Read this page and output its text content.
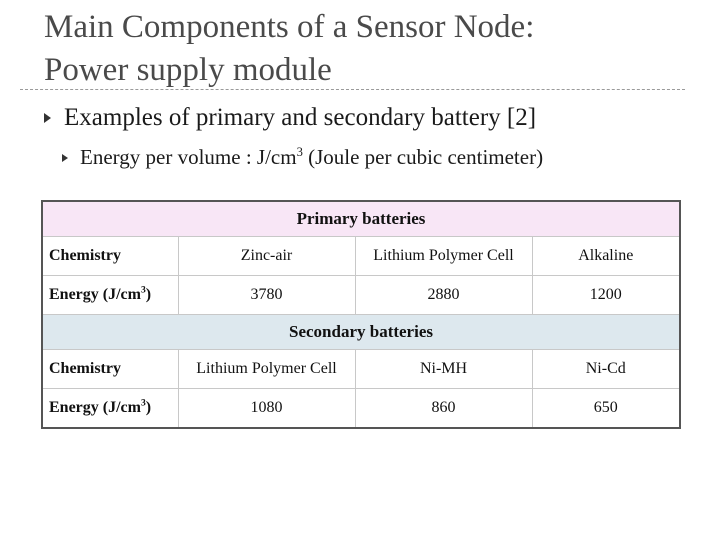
Main Components of a Sensor Node:
Power supply module
Examples of primary and secondary battery [2]
Energy per volume : $J/cm^3$ (Joule per cubic centimeter)
Primary batteries			
Chemistry	Zinc-air	Lithium Polymer Cell	Alkaline
Energy $(J/cm^3)$	3780	2880	1200
Secondary batteries			
Chemistry	Lithium Polymer Cell	Ni-MH	Ni-Cd
Energy $(J/cm^3)$	1080	860	650
